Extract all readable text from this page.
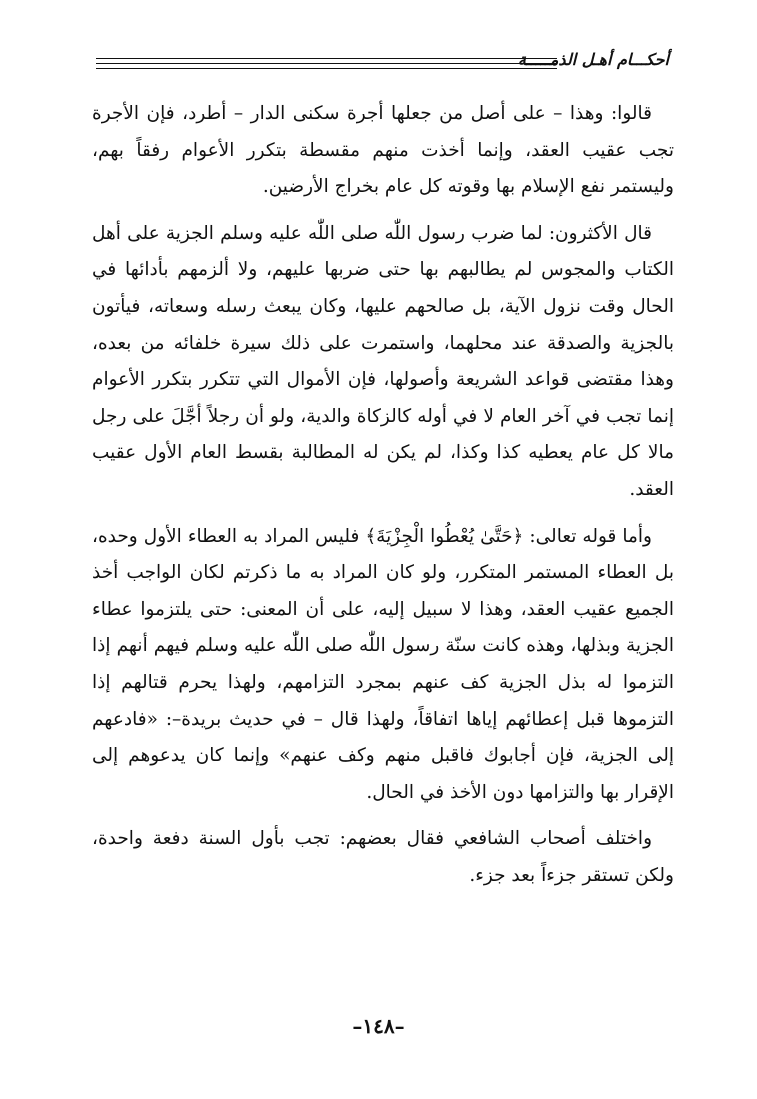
أحكـــام أهـل الذمـــــة

قالوا: وهذا – على أصل من جعلها أجرة سكنى الدار – أطرد، فإن الأجرة تجب عقيب العقد، وإنما أخذت منهم مقسطة بتكرر الأعوام رفقاً بهم، وليستمر نفع الإسلام بها وقوته كل عام بخراج الأرضين.

قال الأكثرون: لما ضرب رسول اللّٰه صلى اللّٰه عليه وسلم الجزية على أهل الكتاب والمجوس لم يطالبهم بها حتى ضربها عليهم، ولا ألزمهم بأدائها في الحال وقت نزول الآية، بل صالحهم عليها، وكان يبعث رسله وسعاته، فيأتون بالجزية والصدقة عند محلهما، واستمرت على ذلك سيرة خلفائه من بعده، وهذا مقتضى قواعد الشريعة وأصولها، فإن الأموال التي تتكرر بتكرر الأعوام إنما تجب في آخر العام لا في أوله كالزكاة والدية، ولو أن رجلاً أجَّلَ على رجل مالا كل عام يعطيه كذا وكذا، لم يكن له المطالبة بقسط العام الأول عقيب العقد.

وأما قوله تعالى: ﴿حَتَّىٰ يُعْطُوا الْجِزْيَةَ﴾ فليس المراد به العطاء الأول وحده، بل العطاء المستمر المتكرر، ولو كان المراد به ما ذكرتم لكان الواجب أخذ الجميع عقيب العقد، وهذا لا سبيل إليه، على أن المعنى: حتى يلتزموا عطاء الجزية وبذلها، وهذه كانت سنّة رسول اللّٰه صلى اللّٰه عليه وسلم فيهم أنهم إذا التزموا له بذل الجزية كف عنهم بمجرد التزامهم، ولهذا يحرم قتالهم إذا التزموها قبل إعطائهم إياها اتفاقاً، ولهذا قال – في حديث بريدة–: «فادعهم إلى الجزية، فإن أجابوك فاقبل منهم وكف عنهم» وإنما كان يدعوهم إلى الإقرار بها والتزامها دون الأخذ في الحال.

واختلف أصحاب الشافعي فقال بعضهم: تجب بأول السنة دفعة واحدة، ولكن تستقر جزءاً بعد جزء.

–١٤٨–
